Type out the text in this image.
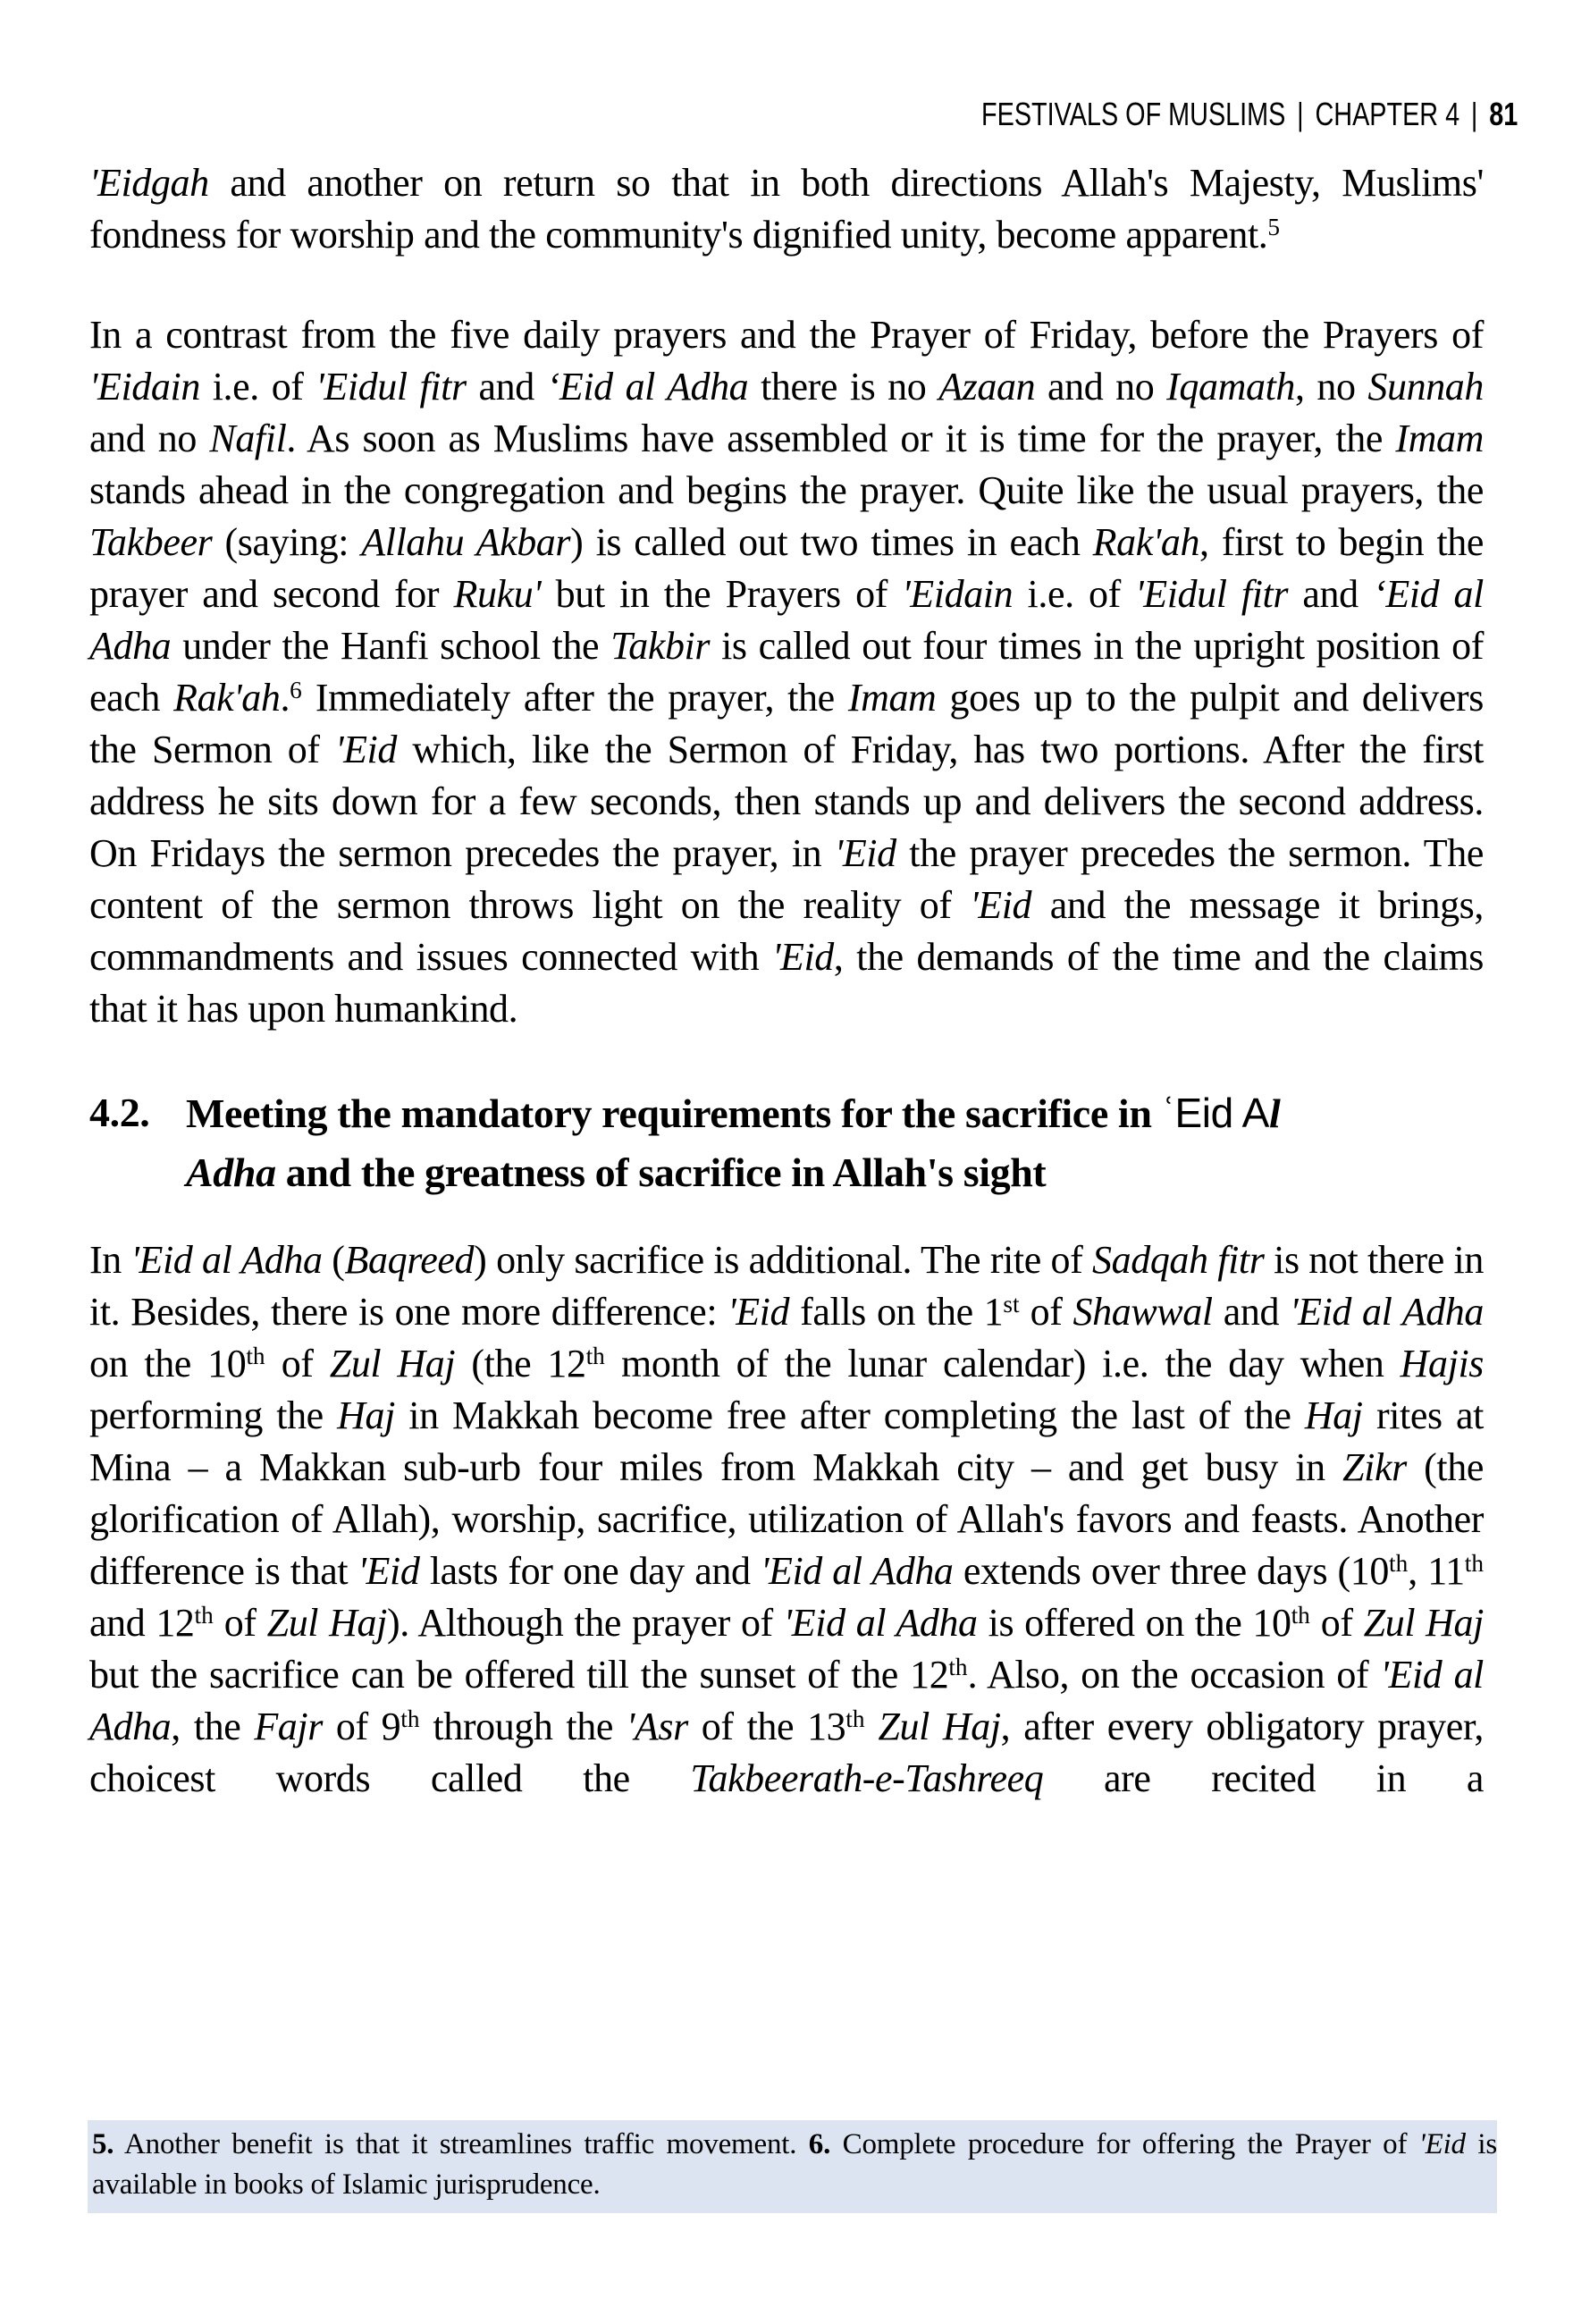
FESTIVALS OF MUSLIMS | CHAPTER 4 | 81

'Eidgah and another on return so that in both directions Allah's Majesty, Muslims' fondness for worship and the community's dignified unity, become apparent.$^5$

In a contrast from the five daily prayers and the Prayer of Friday, before the Prayers of 'Eidain i.e. of 'Eidul fitr and ‘Eid al Adha there is no Azaan and no Iqamath, no Sunnah and no Nafil. As soon as Muslims have assembled or it is time for the prayer, the Imam stands ahead in the congregation and begins the prayer. Quite like the usual prayers, the Takbeer (saying: Allahu Akbar) is called out two times in each Rak'ah, first to begin the prayer and second for Ruku' but in the Prayers of 'Eidain i.e. of 'Eidul fitr and ‘Eid al Adha under the Hanfi school the Takbir is called out four times in the upright position of each Rak'ah.$^6$ Immediately after the prayer, the Imam goes up to the pulpit and delivers the Sermon of 'Eid which, like the Sermon of Friday, has two portions. After the first address he sits down for a few seconds, then stands up and delivers the second address. On Fridays the sermon precedes the prayer, in 'Eid the prayer precedes the sermon. The content of the sermon throws light on the reality of 'Eid and the message it brings, commandments and issues connected with 'Eid, the demands of the time and the claims that it has upon humankind.

4.2. Meeting the mandatory requirements for the sacrifice in ʿEid Al
Adha and the greatness of sacrifice in Allah's sight

In 'Eid al Adha (Baqreed) only sacrifice is additional. The rite of Sadqah fitr is not there in it. Besides, there is one more difference: 'Eid falls on the 1st of Shawwal and 'Eid al Adha on the 10th of Zul Haj (the 12th month of the lunar calendar) i.e. the day when Hajis performing the Haj in Makkah become free after completing the last of the Haj rites at Mina – a Makkan sub-urb four miles from Makkah city – and get busy in Zikr (the glorification of Allah), worship, sacrifice, utilization of Allah's favors and feasts. Another difference is that 'Eid lasts for one day and 'Eid al Adha extends over three days (10th, 11th and 12th of Zul Haj). Although the prayer of 'Eid al Adha is offered on the 10th of Zul Haj but the sacrifice can be offered till the sunset of the 12th. Also, on the occasion of 'Eid al Adha, the Fajr of 9th through the 'Asr of the 13th Zul Haj, after every obligatory prayer, choicest words called the Takbeerath-e-Tashreeq are recited in a

5. Another benefit is that it streamlines traffic movement. 6. Complete procedure for offering the Prayer of 'Eid is available in books of Islamic jurisprudence.
